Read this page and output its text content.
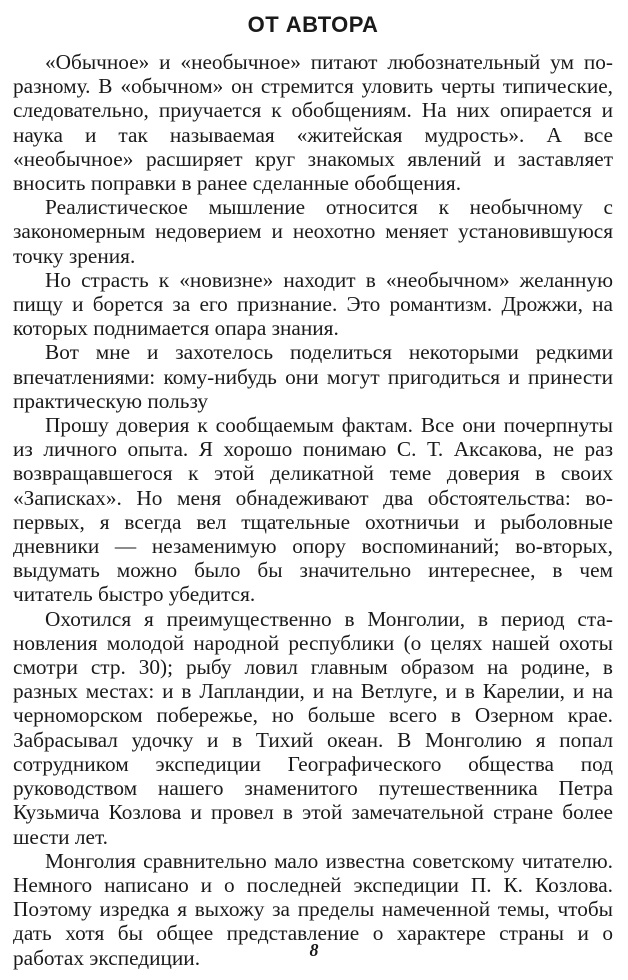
ОТ АВТОРА

«Обычное» и «необычное» питают любознательный ум по-разному. В «обычном» он стремится уловить черты типические, следовательно, приучается к обобщениям. На них опирается и наука и так называемая «житейская мудрость». А все «необычное» расширяет круг знакомых явлений и заставляет вносить поправки в ранее сделанные обобщения.

Реалистическое мышление относится к необычному с закономерным недоверием и неохотно меняет установившуюся точку зрения.

Но страсть к «новизне» находит в «необычном» желанную пищу и борется за его признание. Это романтизм. Дрожжи, на которых поднимается опара знания.

Вот мне и захотелось поделиться некоторыми редкими впечатлениями: кому-нибудь они могут пригодиться и принести практическую пользу

Прошу доверия к сообщаемым фактам. Все они почерпнуты из личного опыта. Я хорошо понимаю С. Т. Аксакова, не раз возвращавшегося к этой деликатной теме доверия в своих «Записках». Но меня обнадеживают два обстоятельства: во-первых, я всегда вел тщательные охотничьи и рыболовные дневники — незаменимую опору воспоминаний; во-вторых, выдумать можно было бы значительно интереснее, в чем читатель быстро убедится.

Охотился я преимущественно в Монголии, в период становления молодой народной республики (о целях нашей охоты смотри стр. 30); рыбу ловил главным образом на родине, в разных местах: и в Лапландии, и на Ветлуге, и в Карелии, и на черноморском побережье, но больше всего в Озерном крае. Забрасывал удочку и в Тихий океан. В Монголию я попал сотрудником экспедиции Географического общества под руководством нашего знаменитого путешественника Петра Кузьмича Козлова и провел в этой замечательной стране более шести лет.

Монголия сравнительно мало известна советскому читателю. Немного написано и о последней экспедиции П. К. Козлова. Поэтому изредка я выхожу за пределы намеченной темы, чтобы дать хотя бы общее представление о характере страны и о работах экспедиции.	8
